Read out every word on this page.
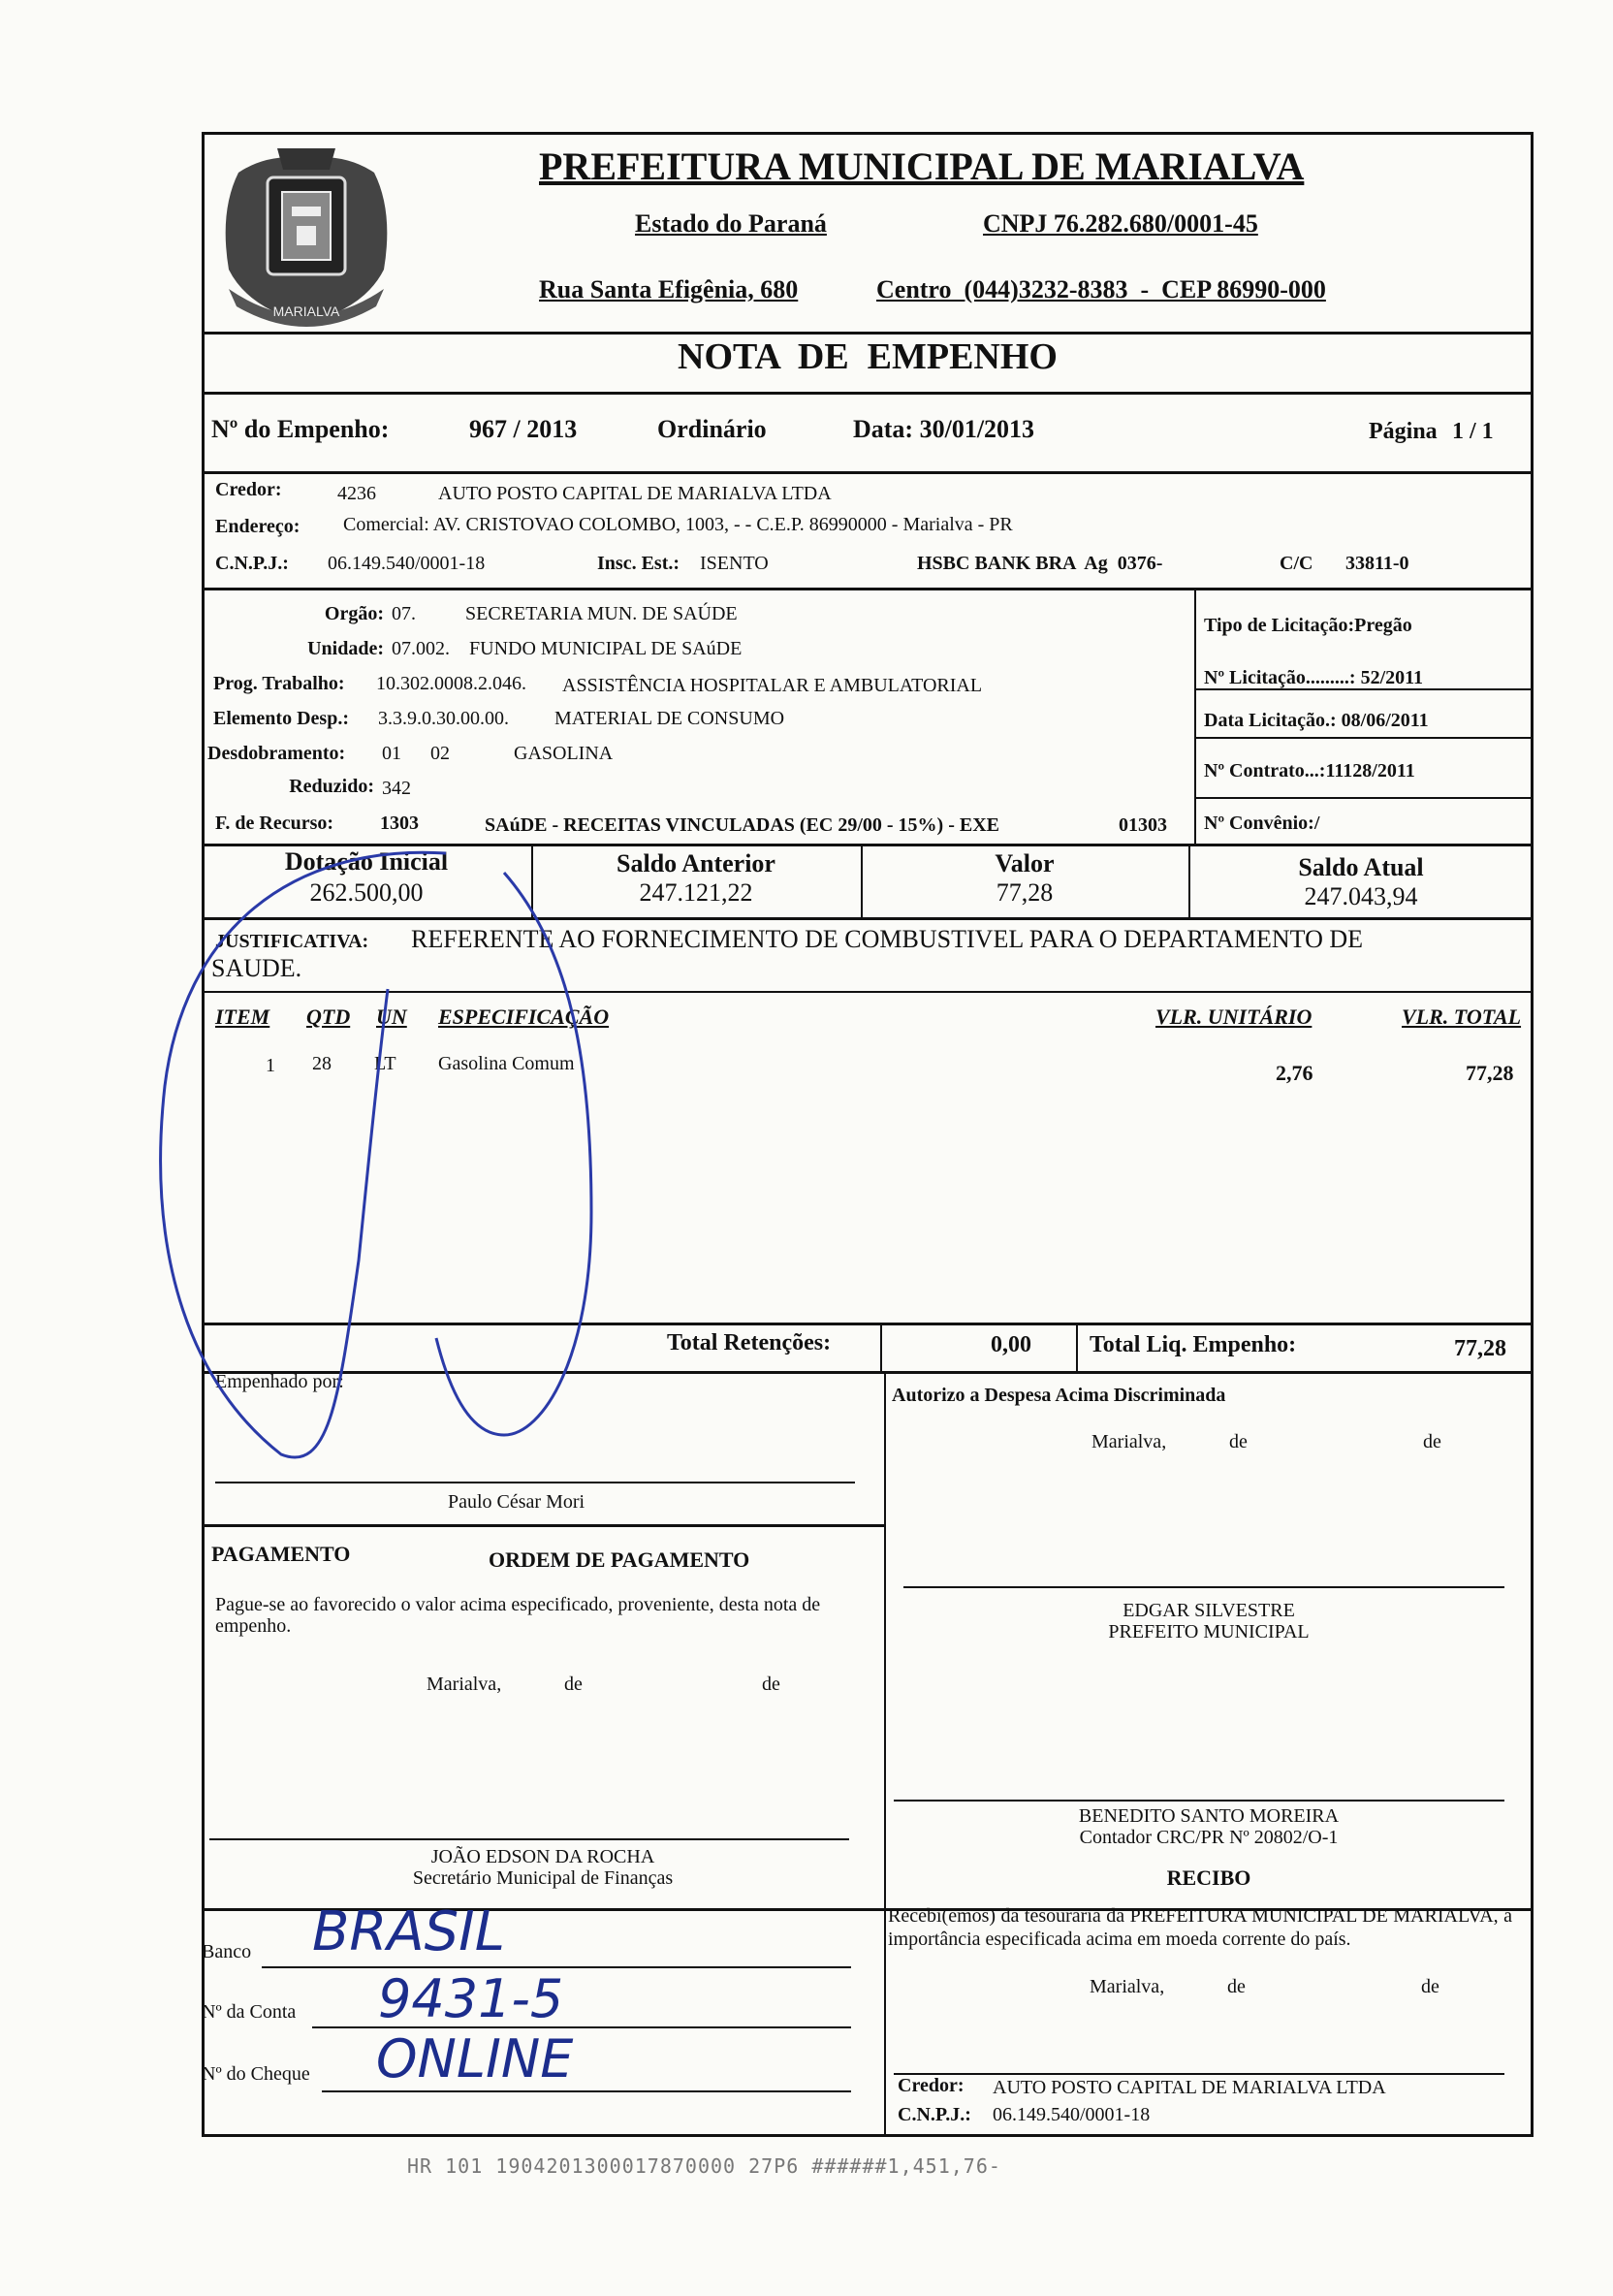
MARIALVA
PREFEITURA MUNICIPAL DE MARIALVA
Estado do Paraná	CNPJ 76.282.680/0001-45
Rua Santa Efigênia, 680	Centro  (044)3232-8383  -  CEP 86990-000
NOTA  DE  EMPENHO
Nº do Empenho:	967 / 2013	Ordinário	Data: 30/01/2013	Página 1 / 1
Credor:	4236	AUTO POSTO CAPITAL DE MARIALVA LTDA
Endereço: Comercial: AV. CRISTOVAO COLOMBO, 1003, - - C.E.P. 86990000 - Marialva - PR
C.N.P.J.: 06.149.540/0001-18	Insc. Est.: ISENTO	HSBC BANK BRA  Ag  0376-	C/C 33811-0
Orgão: 07.	SECRETARIA MUN. DE SAÚDE
Unidade: 07.002. FUNDO MUNICIPAL DE SAúDE
Prog. Trabalho: 10.302.0008.2.046. ASSISTÊNCIA HOSPITALAR E AMBULATORIAL
Elemento Desp.: 3.3.9.0.30.00.00. MATERIAL DE CONSUMO
Desdobramento: 01      02	GASOLINA
Reduzido: 342
F. de Recurso: 1303	SAúDE - RECEITAS VINCULADAS (EC 29/00 - 15%) - EXE	01303
Tipo de Licitação:Pregão
Nº Licitação.........: 52/2011
Data Licitação.: 08/06/2011
Nº Contrato...:11128/2011
Nº Convênio:/
Dotação Inicial
262.500,00
Saldo Anterior
247.121,22
Valor
77,28
Saldo Atual
247.043,94
JUSTIFICATIVA: REFERENTE AO FORNECIMENTO DE COMBUSTIVEL PARA O DEPARTAMENTO DE
SAUDE.
ITEM QTD UN ESPECIFICAÇÃO	VLR. UNITÁRIO	VLR. TOTAL
1 28 LT Gasolina Comum	2,76	77,28
Total Retenções:	0,00	Total Liq. Empenho:	77,28
Empenhado por:
Paulo César Mori
Autorizo a Despesa Acima Discriminada
Marialva,	de	de
PAGAMENTO	ORDEM DE PAGAMENTO
Pague-se ao favorecido o valor acima especificado, proveniente, desta nota de empenho.
Marialva,	de	de
EDGAR SILVESTRE
PREFEITO MUNICIPAL
BENEDITO SANTO MOREIRA
Contador CRC/PR Nº 20802/O-1
JOÃO EDSON DA ROCHA
Secretário Municipal de Finanças	RECIBO
Recebi(emos) da tesouraria da PREFEITURA MUNICIPAL DE MARIALVA, a importância especificada acima em moeda corrente do país.
Marialva,	de	de
Banco BRASIL
Nº da Conta 9431-5
Nº do Cheque ONLINE	Credor: AUTO POSTO CAPITAL DE MARIALVA LTDA
C.N.P.J.: 06.149.540/0001-18
HR 101 1904201300017870000 27P6 ######1,451,76-
